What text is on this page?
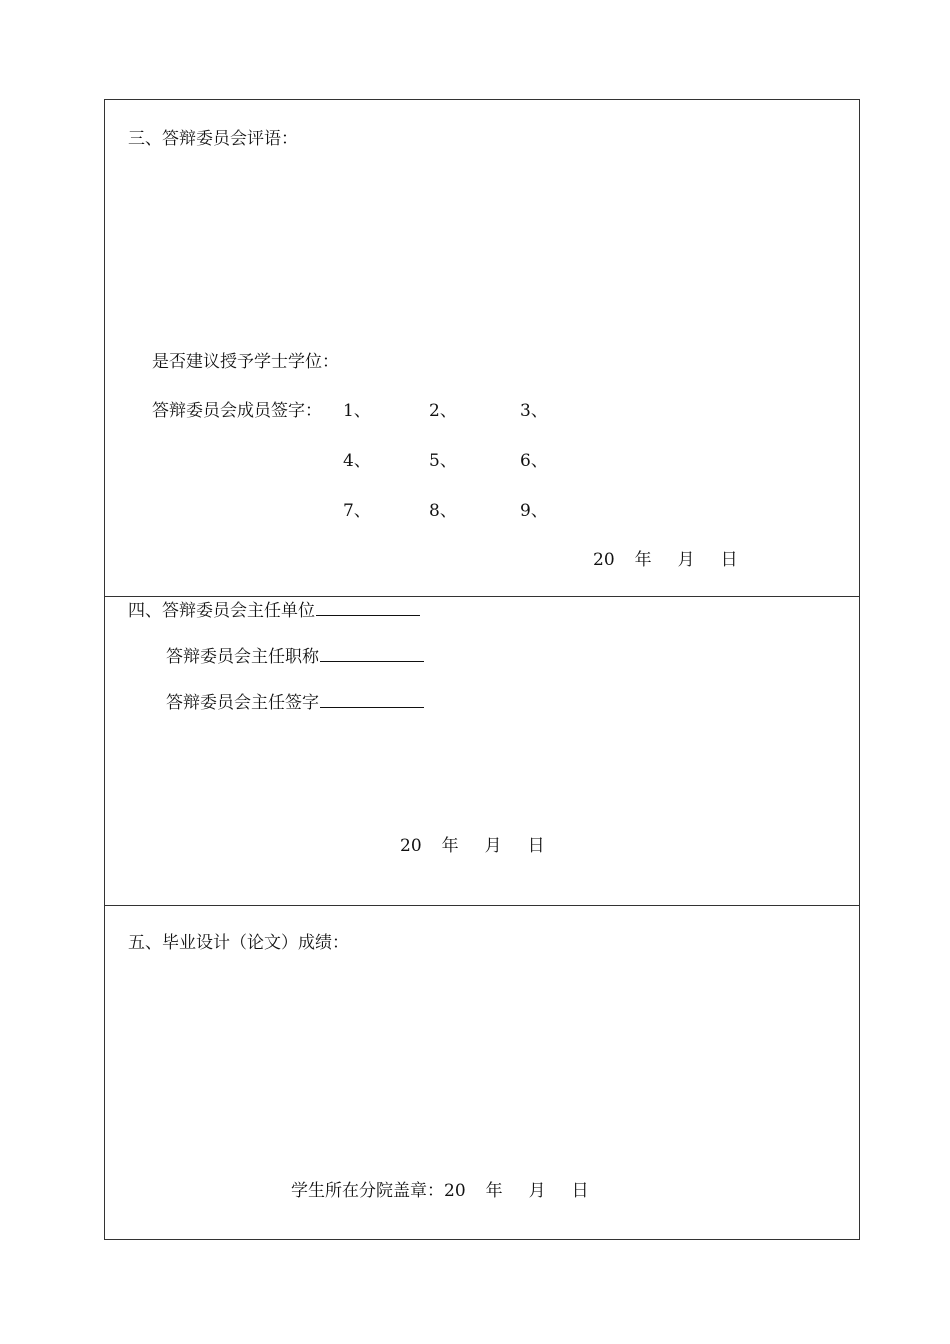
三、答辩委员会评语：
是否建议授予学士学位：
答辩委员会成员签字： 1、	2、	3、
4、	5、	6、
7、	8、	9、
20 年 月 日
四、答辩委员会主任单位
答辩委员会主任职称
答辩委员会主任签字
20 年 月 日
五、毕业设计（论文）成绩：
学生所在分院盖章：20 年 月 日
